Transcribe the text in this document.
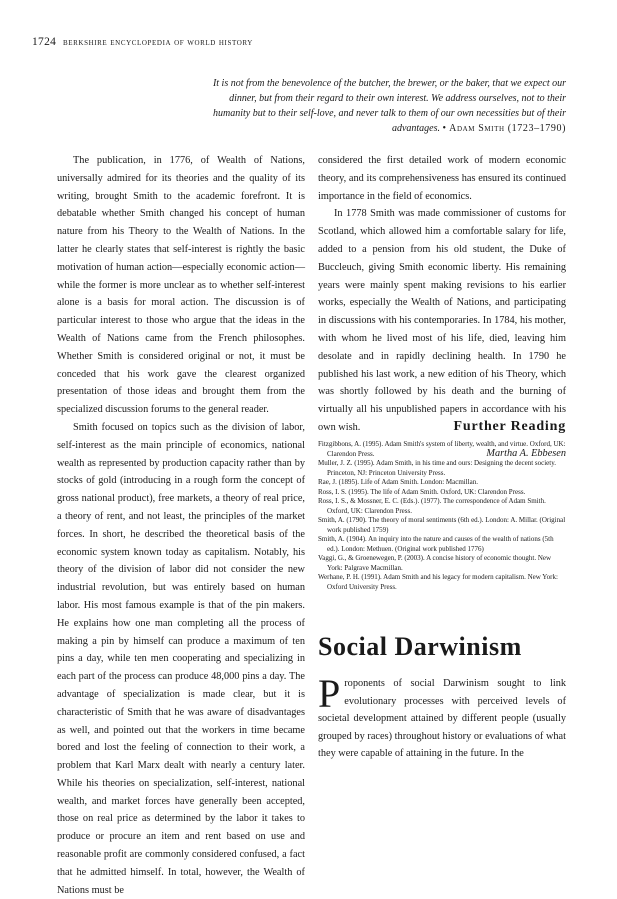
1724 berkshire encyclopedia of world history
It is not from the benevolence of the butcher, the brewer, or the baker, that we expect our dinner, but from their regard to their own interest. We address ourselves, not to their humanity but to their self-love, and never talk to them of our own necessities but of their advantages. • Adam Smith (1723–1790)

The publication, in 1776, of Wealth of Nations, universally admired for its theories and the quality of its writing, brought Smith to the academic forefront. It is debatable whether Smith changed his concept of human nature from his Theory to the Wealth of Nations. In the latter he clearly states that self-interest is rightly the basic motivation of human action—especially economic action—while the former is more unclear as to whether self-interest alone is a basis for moral action. The discussion is of particular interest to those who argue that the ideas in the Wealth of Nations came from the French philosophes. Whether Smith is considered original or not, it must be conceded that his work gave the clearest organized presentation of those ideas and brought them from the specialized discussion forums to the general reader.

Smith focused on topics such as the division of labor, self-interest as the main principle of economics, national wealth as represented by production capacity rather than by stocks of gold (introducing in a rough form the concept of gross national product), free markets, a theory of real price, a theory of rent, and not least, the principles of the market forces. In short, he described the theoretical basis of the economic system known today as capitalism. Notably, his theory of the division of labor did not consider the new industrial revolution, but was entirely based on human labor. His most famous example is that of the pin makers. He explains how one man completing all the process of making a pin by himself can produce a maximum of ten pins a day, while ten men cooperating and specializing in each part of the process can produce 48,000 pins a day. The advantage of specialization is made clear, but it is characteristic of Smith that he was aware of disadvantages as well, and pointed out that the workers in time became bored and lost the feeling of connection to their work, a problem that Karl Marx dealt with nearly a century later. While his theories on specialization, self-interest, national wealth, and market forces have generally been accepted, those on real price as determined by the labor it takes to produce or procure an item and rent based on use and reasonable profit are commonly considered confused, a fact that he admitted himself. In total, however, the Wealth of Nations must be

considered the first detailed work of modern economic theory, and its comprehensiveness has ensured its continued importance in the field of economics.

In 1778 Smith was made commissioner of customs for Scotland, which allowed him a comfortable salary for life, added to a pension from his old student, the Duke of Buccleuch, giving Smith economic liberty. His remaining years were mainly spent making revisions to his earlier works, especially the Wealth of Nations, and participating in discussions with his contemporaries. In 1784, his mother, with whom he lived most of his life, died, leaving him desolate and in rapidly declining health. In 1790 he published his last work, a new edition of his Theory, which was shortly followed by his death and the burning of virtually all his unpublished papers in accordance with his own wish.

Martha A. Ebbesen
Further Reading

Fitzgibbons, A. (1995). Adam Smith's system of liberty, wealth, and virtue. Oxford, UK: Clarendon Press.

Muller, J. Z. (1995). Adam Smith, in his time and ours: Designing the decent society. Princeton, NJ: Princeton University Press.

Rae, J. (1895). Life of Adam Smith. London: Macmillan.

Ross, I. S. (1995). The life of Adam Smith. Oxford, UK: Clarendon Press.

Ross, I. S., & Mossner, E. C. (Eds.). (1977). The correspondence of Adam Smith. Oxford, UK: Clarendon Press.

Smith, A. (1790). The theory of moral sentiments (6th ed.). London: A. Millar. (Original work published 1759)

Smith, A. (1904). An inquiry into the nature and causes of the wealth of nations (5th ed.). London: Methuen. (Original work published 1776)

Vaggi, G., & Groenewegen, P. (2003). A concise history of economic thought. New York: Palgrave Macmillan.

Werhane, P. H. (1991). Adam Smith and his legacy for modern capitalism. New York: Oxford University Press.

Social Darwinism

P roponents of social Darwinism sought to link evolutionary processes with perceived levels of societal development attained by different people (usually grouped by races) throughout history or evaluations of what they were capable of attaining in the future. In the
